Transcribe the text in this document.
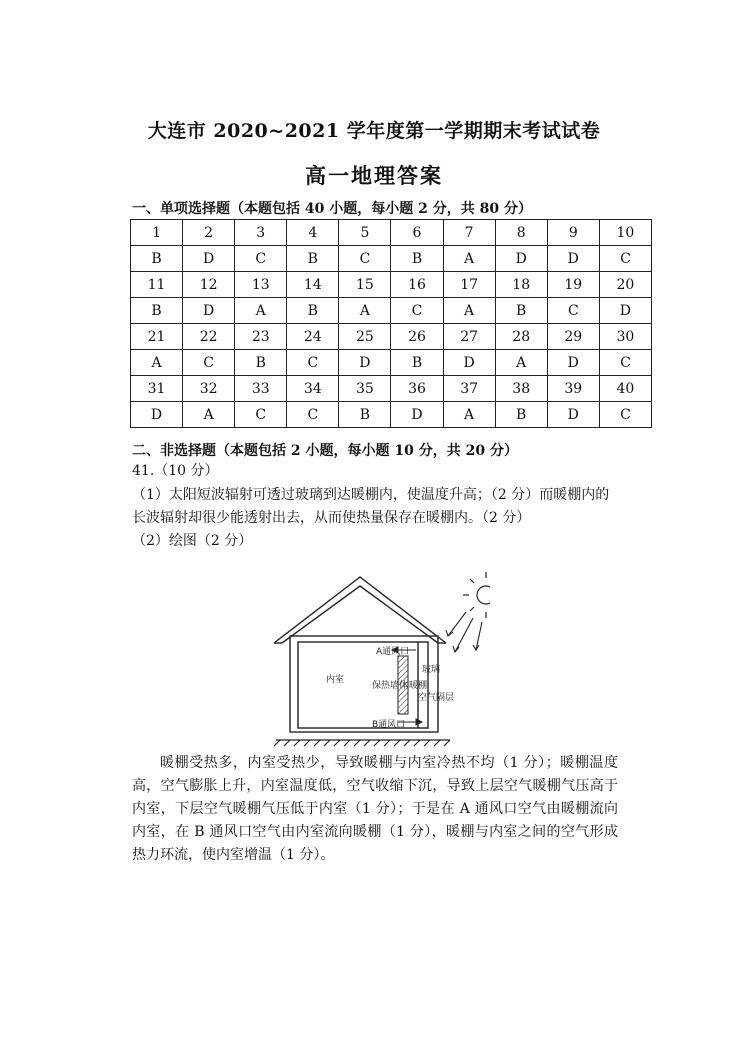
大连市 2020~2021 学年度第一学期期末考试试卷
高一地理答案
一、单项选择题（本题包括 40 小题，每小题 2 分，共 80 分）
1	2	3	4	5	6	7	8	9	10
B	D	C	B	C	B	A	D	D	C
11	12	13	14	15	16	17	18	19	20
B	D	A	B	A	C	A	B	C	D
21	22	23	24	25	26	27	28	29	30
A	C	B	C	D	B	D	A	D	C
31	32	33	34	35	36	37	38	39	40
D	A	C	C	B	D	A	B	D	C
二、非选择题（本题包括 2 小题，每小题 10 分，共 20 分）
41.（10 分）
（1）太阳短波辐射可透过玻璃到达暖棚内，使温度升高；（2 分）而暖棚内的长波辐射却很少能透射出去，从而使热量保存在暖棚内。（2 分）
（2）绘图（2 分）
A通风口
B通风口
内室
保热墙体 暖棚
玻璃
空气隔层
暖棚受热多，内室受热少，导致暖棚与内室冷热不均（1 分）；暖棚温度高，空气膨胀上升，内室温度低，空气收缩下沉，导致上层空气暖棚气压高于内室，下层空气暖棚气压低于内室（1 分）；于是在 A 通风口空气由暖棚流向内室，在 B 通风口空气由内室流向暖棚（1 分），暖棚与内室之间的空气形成热力环流，使内室增温（1 分）。
